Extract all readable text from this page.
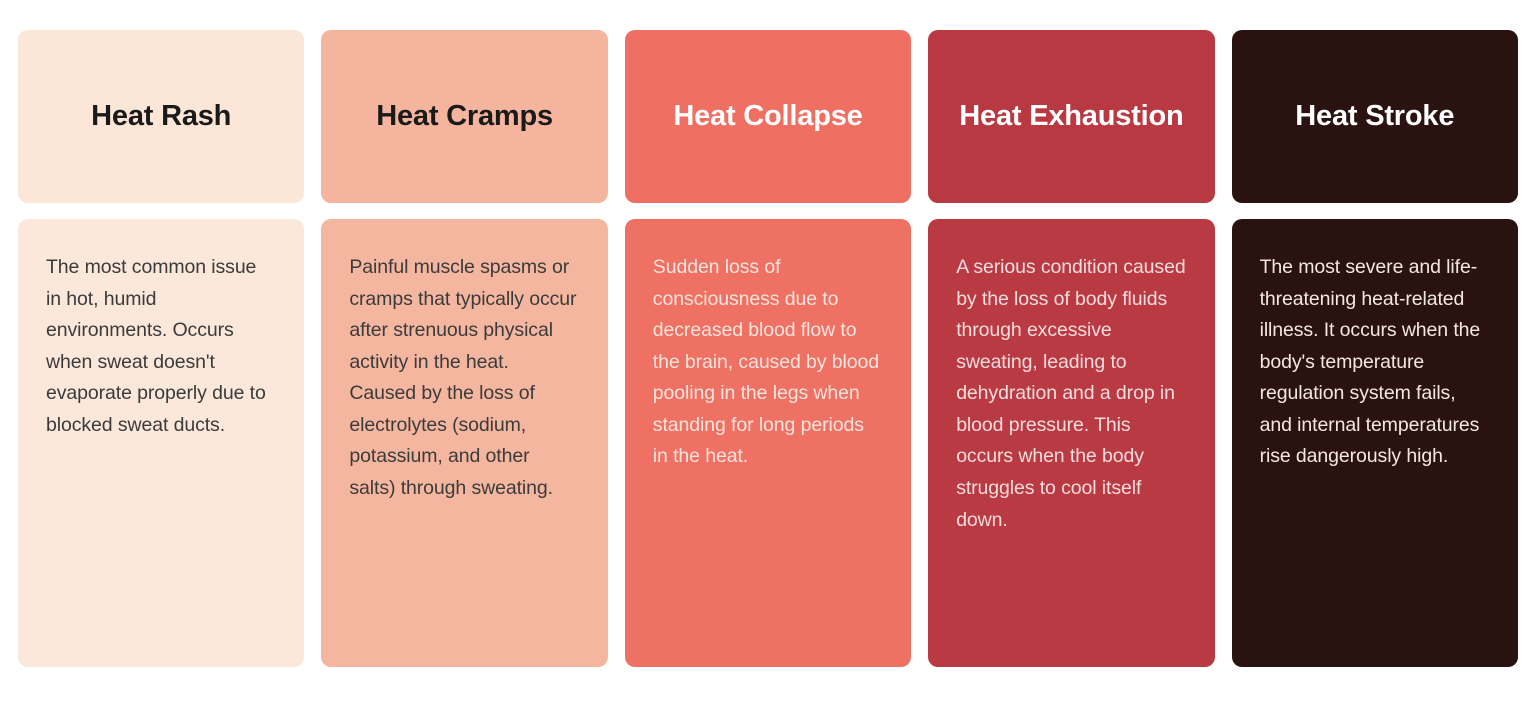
Heat Rash
The most common issue in hot, humid environments. Occurs when sweat doesn't evaporate properly due to blocked sweat ducts.
Heat Cramps
Painful muscle spasms or cramps that typically occur after strenuous physical activity in the heat. Caused by the loss of electrolytes (sodium, potassium, and other salts) through sweating.
Heat Collapse
Sudden loss of consciousness due to decreased blood flow to the brain, caused by blood pooling in the legs when standing for long periods in the heat.
Heat Exhaustion
A serious condition caused by the loss of body fluids through excessive sweating, leading to dehydration and a drop in blood pressure. This occurs when the body struggles to cool itself down.
Heat Stroke
The most severe and life-threatening heat-related illness. It occurs when the body's temperature regulation system fails, and internal temperatures rise dangerously high.
